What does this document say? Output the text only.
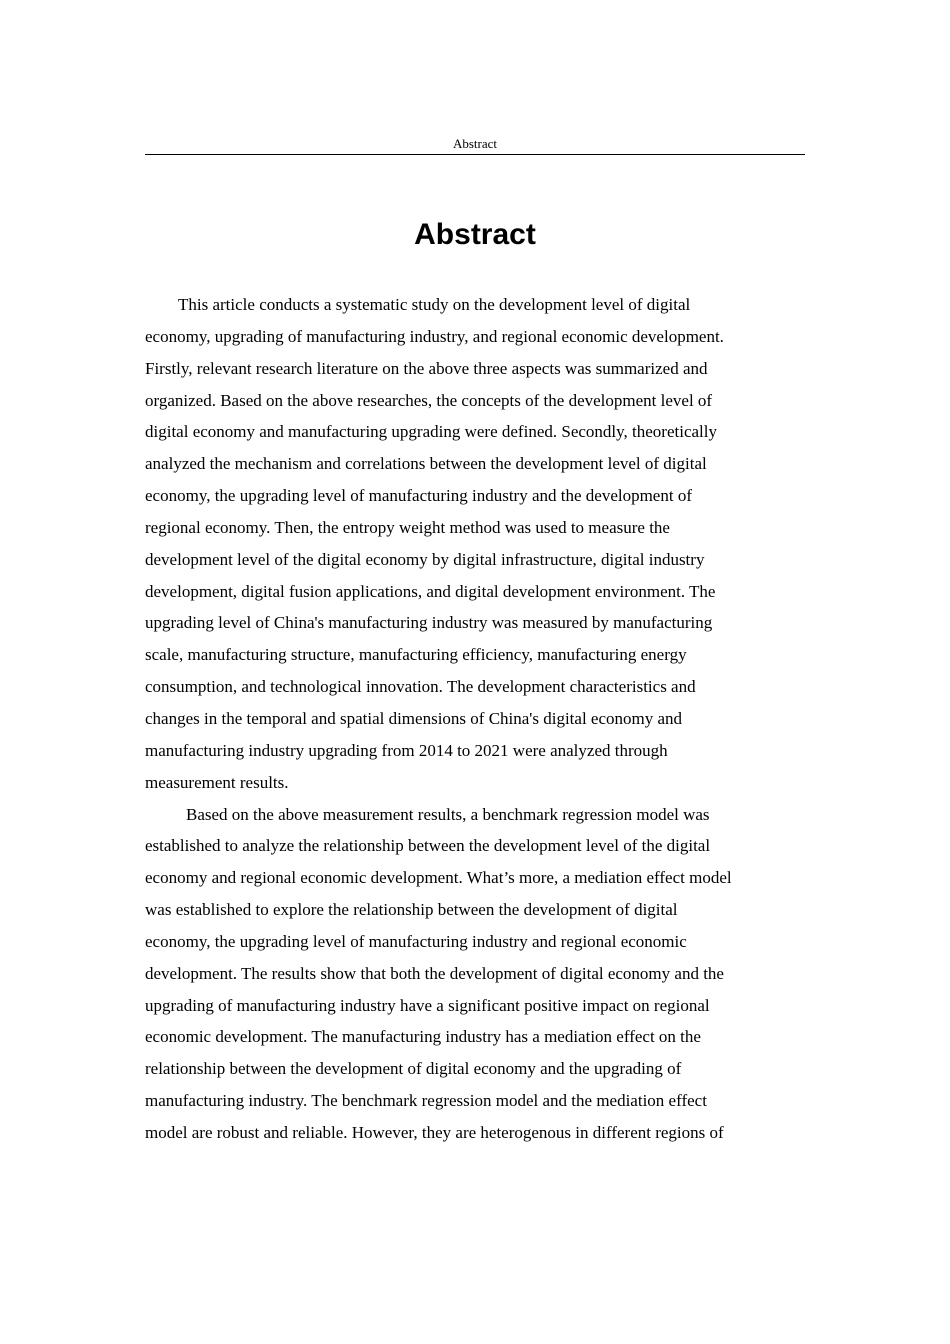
Abstract
Abstract
This article conducts a systematic study on the development level of digital
economy, upgrading of manufacturing industry, and regional economic development.
Firstly, relevant research literature on the above three aspects was summarized and
organized. Based on the above researches, the concepts of the development level of
digital economy and manufacturing upgrading were defined. Secondly, theoretically
analyzed the mechanism and correlations between the development level of digital
economy, the upgrading level of manufacturing industry and the development of
regional economy. Then, the entropy weight method was used to measure the
development level of the digital economy by digital infrastructure, digital industry
development, digital fusion applications, and digital development environment. The
upgrading level of China's manufacturing industry was measured by manufacturing
scale, manufacturing structure, manufacturing efficiency, manufacturing energy
consumption, and technological innovation. The development characteristics and
changes in the temporal and spatial dimensions of China's digital economy and
manufacturing industry upgrading from 2014 to 2021 were analyzed through
measurement results.
Based on the above measurement results, a benchmark regression model was
established to analyze the relationship between the development level of the digital
economy and regional economic development. What’s more, a mediation effect model
was established to explore the relationship between the development of digital
economy, the upgrading level of manufacturing industry and regional economic
development. The results show that both the development of digital economy and the
upgrading of manufacturing industry have a significant positive impact on regional
economic development. The manufacturing industry has a mediation effect on the
relationship between the development of digital economy and the upgrading of
manufacturing industry. The benchmark regression model and the mediation effect
model are robust and reliable. However, they are heterogenous in different regions of
